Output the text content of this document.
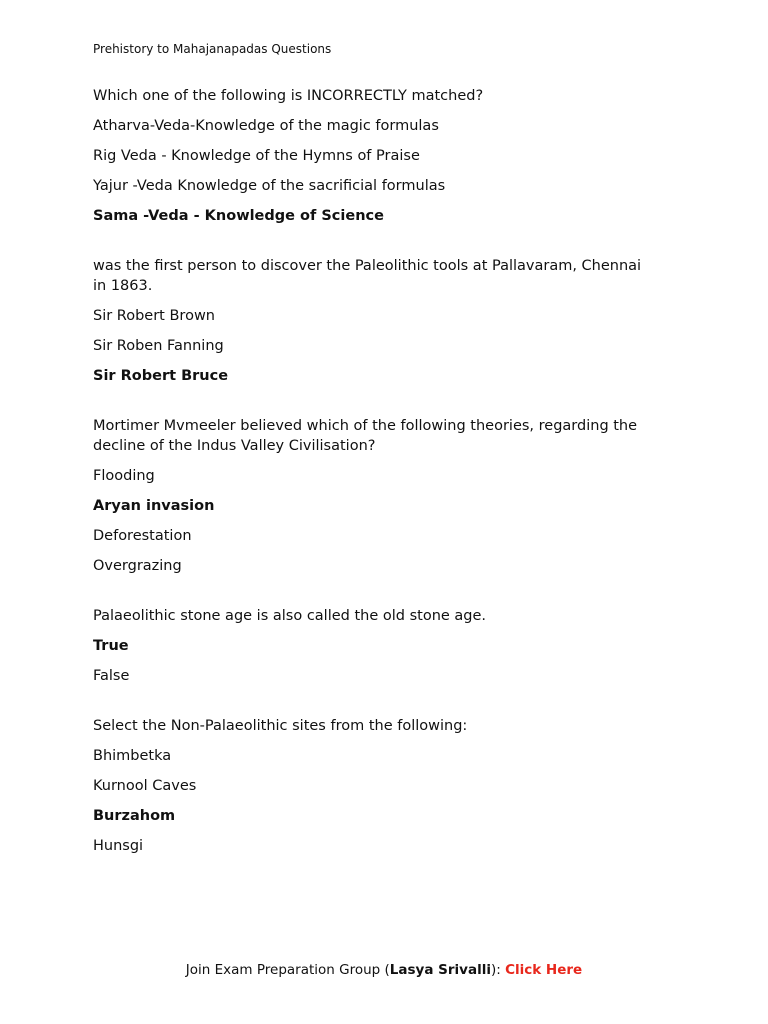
Prehistory to Mahajanapadas Questions

Which one of the following is INCORRECTLY matched?

Atharva-Veda-Knowledge of the magic formulas

Rig Veda - Knowledge of the Hymns of Praise

Yajur -Veda Knowledge of the sacrificial formulas

Sama -Veda - Knowledge of Science

was the first person to discover the Paleolithic tools at Pallavaram, Chennai in 1863.

Sir Robert Brown

Sir Roben Fanning

Sir Robert Bruce

Mortimer Mvmeeler believed which of the following theories, regarding the decline of the Indus Valley Civilisation?

Flooding

Aryan invasion

Deforestation

Overgrazing

Palaeolithic stone age is also called the old stone age.

True

False

Select the Non-Palaeolithic sites from the following:

Bhimbetka

Kurnool Caves

Burzahom

Hunsgi

Join Exam Preparation Group (Lasya Srivalli): Click Here
